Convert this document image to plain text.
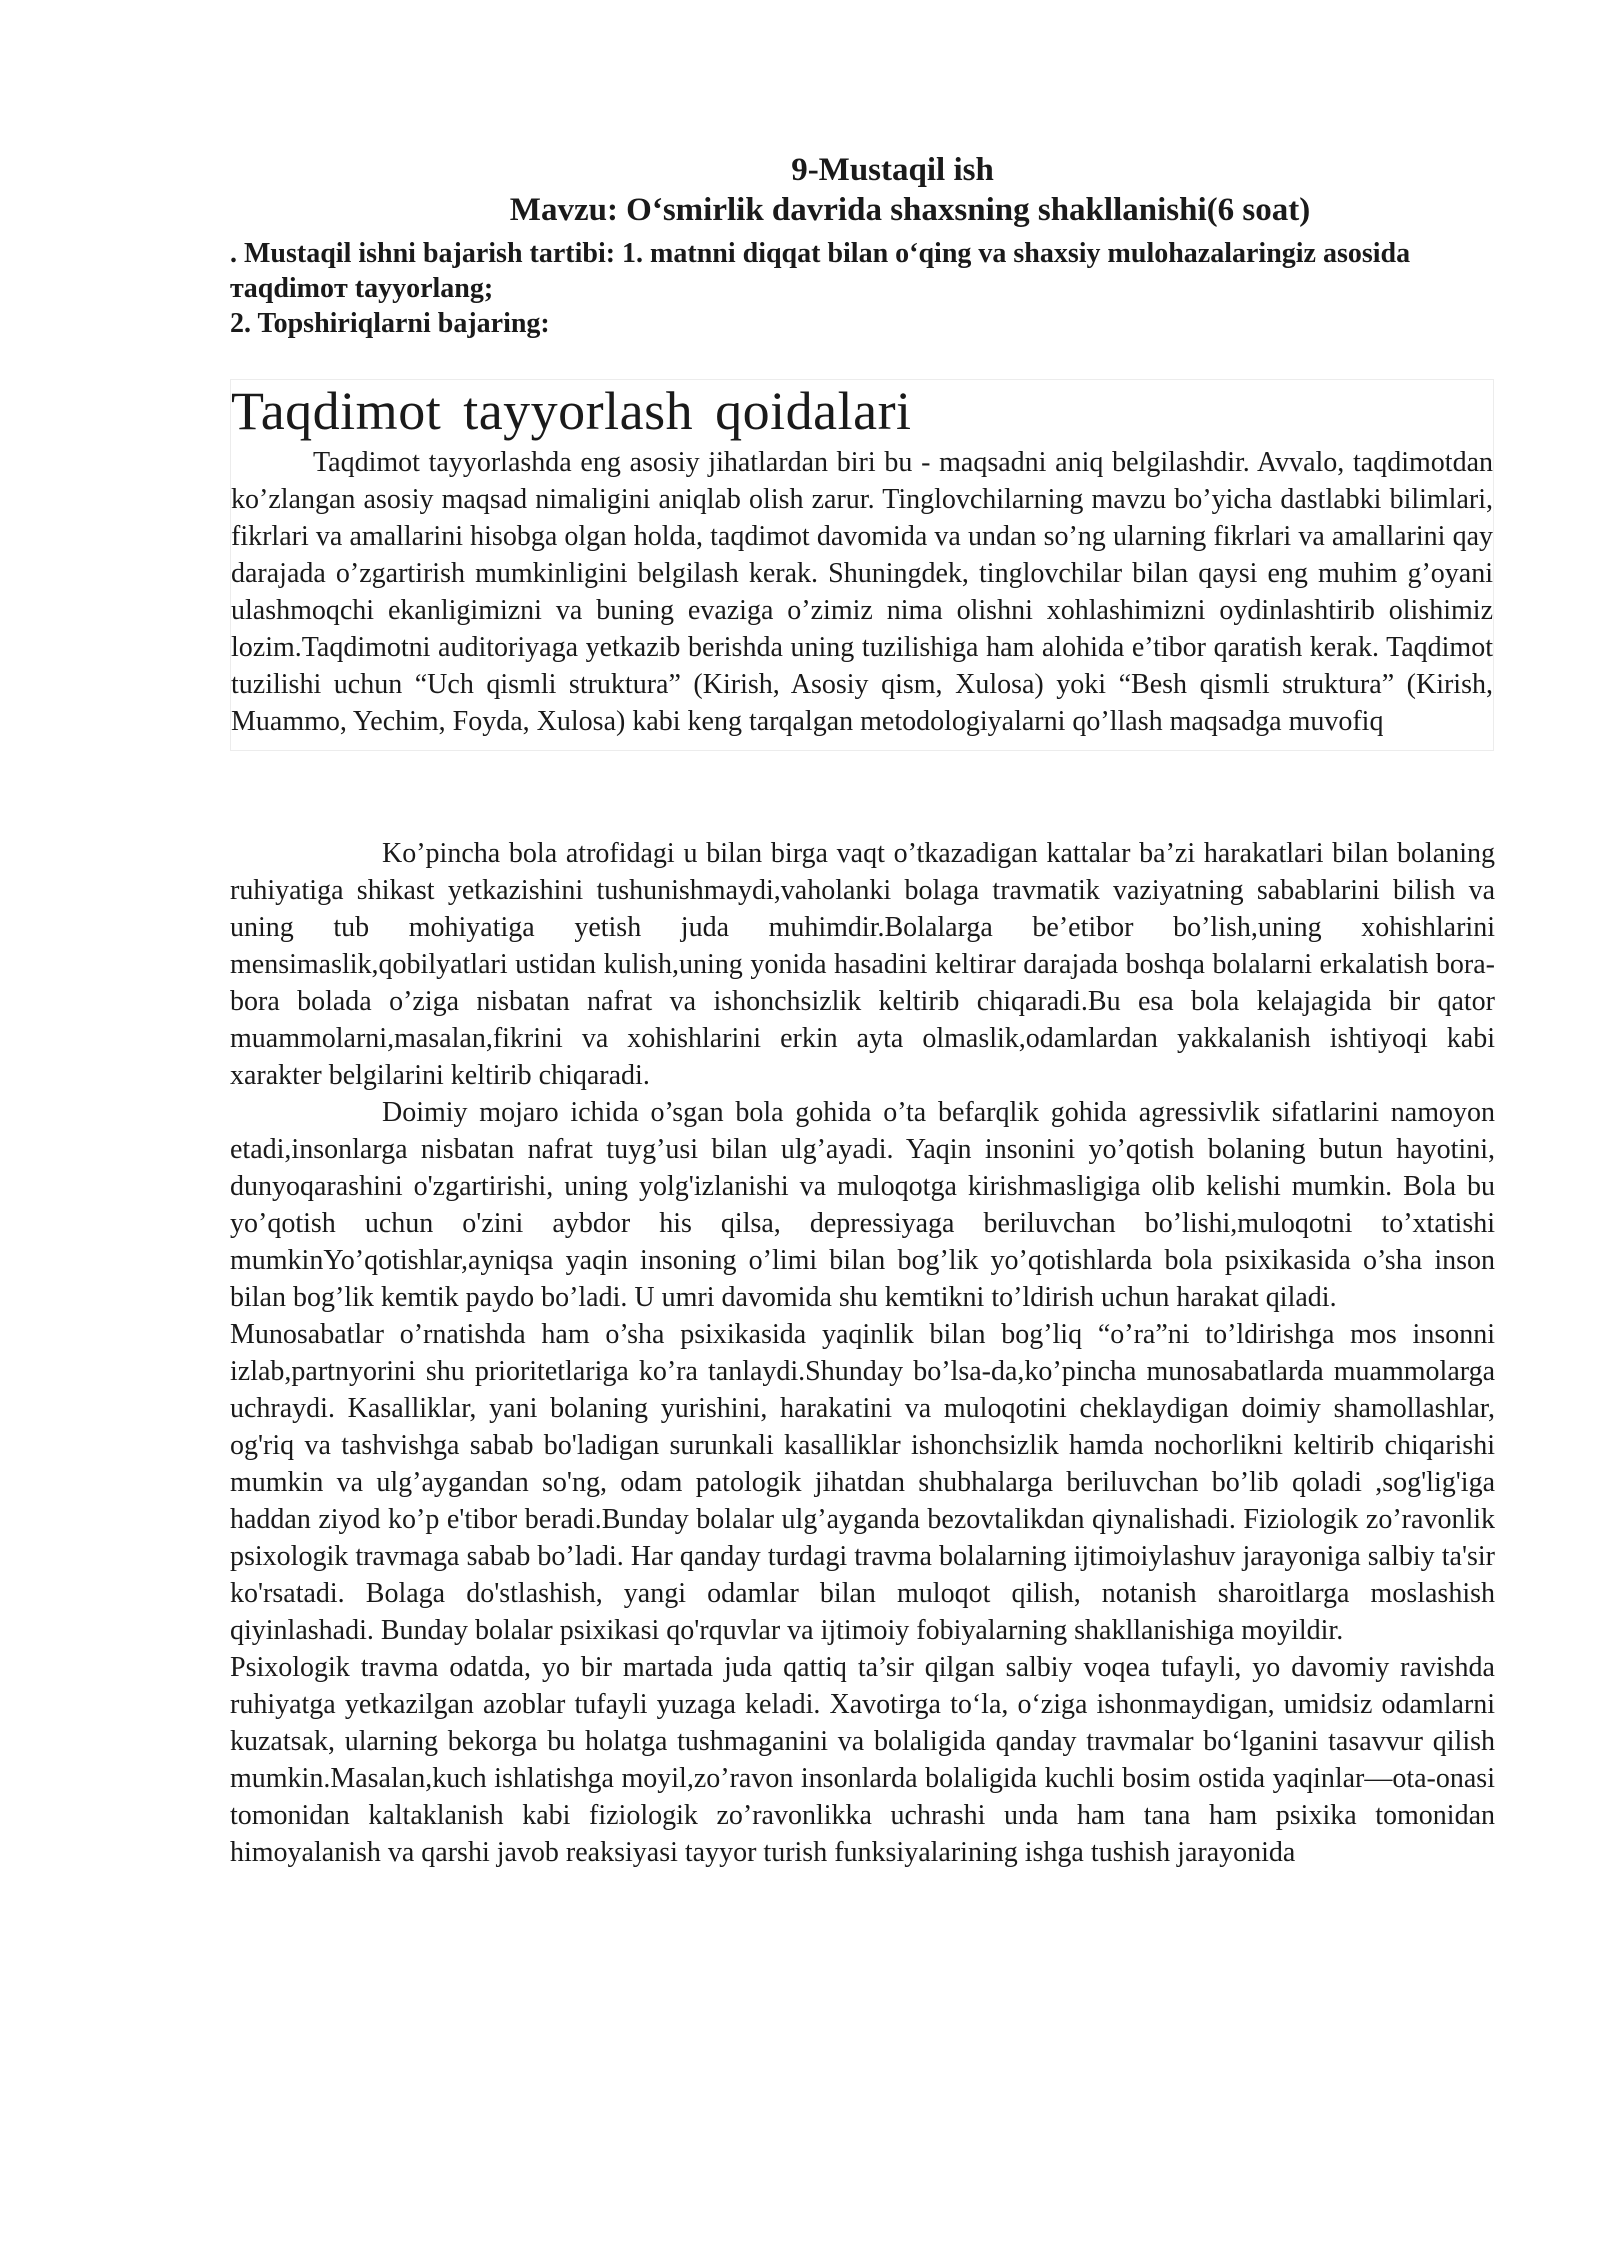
9-Mustaqil ish

Mavzu: O‘smirlik davrida shaxsning shakllanishi(6 soat)

. Mustaqil ishni bajarish tartibi: 1. matnni diqqat bilan o‘qing va shaxsiy mulohazalaringiz asosida тaqdimoт tayyorlang;

2. Topshiriqlarni bajaring:

Taqdimot tayyorlash qoidalari

Taqdimot tayyorlashda eng asosiy jihatlardan biri bu - maqsadni aniq belgilashdir. Avvalo, taqdimotdan ko’zlangan asosiy maqsad nimaligini aniqlab olish zarur. Tinglovchilarning mavzu bo’yicha dastlabki bilimlari, fikrlari va amallarini hisobga olgan holda, taqdimot davomida va undan so’ng ularning fikrlari va amallarini qay darajada o’zgartirish mumkinligini belgilash kerak. Shuningdek, tinglovchilar bilan qaysi eng muhim g’oyani ulashmoqchi ekanligimizni va buning evaziga o’zimiz nima olishni xohlashimizni oydinlashtirib olishimiz lozim.Taqdimotni auditoriyaga yetkazib berishda uning tuzilishiga ham alohida e’tibor qaratish kerak. Taqdimot tuzilishi uchun “Uch qismli struktura” (Kirish, Asosiy qism, Xulosa) yoki “Besh qismli struktura” (Kirish, Muammo, Yechim, Foyda, Xulosa) kabi keng tarqalgan metodologiyalarni qo’llash maqsadga muvofiq

Ko’pincha bola atrofidagi u bilan birga vaqt o’tkazadigan kattalar ba’zi harakatlari bilan bolaning ruhiyatiga shikast yetkazishini tushunishmaydi,vaholanki bolaga travmatik vaziyatning sabablarini bilish va uning tub mohiyatiga yetish juda muhimdir.Bolalarga be’etibor bo’lish,uning xohishlarini mensimaslik,qobilyatlari ustidan kulish,uning yonida hasadini keltirar darajada boshqa bolalarni erkalatish bora-bora bolada o’ziga nisbatan nafrat va ishonchsizlik keltirib chiqaradi.Bu esa bola kelajagida bir qator muammolarni,masalan,fikrini va xohishlarini erkin ayta olmaslik,odamlardan yakkalanish ishtiyoqi kabi xarakter belgilarini keltirib chiqaradi.

Doimiy mojaro ichida o’sgan bola gohida o’ta befarqlik gohida agressivlik sifatlarini namoyon etadi,insonlarga nisbatan nafrat tuyg’usi bilan ulg’ayadi. Yaqin insonini yo’qotish bolaning butun hayotini, dunyoqarashini o'zgartirishi, uning yolg'izlanishi va muloqotga kirishmasligiga olib kelishi mumkin. Bola bu yo’qotish uchun o'zini aybdor his qilsa, depressiyaga beriluvchan bo’lishi,muloqotni to’xtatishi mumkinYo’qotishlar,ayniqsa yaqin insoning o’limi bilan bog’lik yo’qotishlarda bola psixikasida o’sha inson bilan bog’lik kemtik paydo bo’ladi. U umri davomida shu kemtikni to’ldirish uchun harakat qiladi.

Munosabatlar o’rnatishda ham o’sha psixikasida yaqinlik bilan bog’liq “o’ra”ni to’ldirishga mos insonni izlab,partnyorini shu prioritetlariga ko’ra tanlaydi.Shunday bo’lsa-da,ko’pincha munosabatlarda muammolarga uchraydi. Kasalliklar, yani bolaning yurishini, harakatini va muloqotini cheklaydigan doimiy shamollashlar, og'riq va tashvishga sabab bo'ladigan surunkali kasalliklar ishonchsizlik hamda nochorlikni keltirib chiqarishi mumkin va ulg’aygandan so'ng, odam patologik jihatdan shubhalarga beriluvchan bo’lib qoladi ,sog'lig'iga haddan ziyod ko’p e'tibor beradi.Bunday bolalar ulg’ayganda bezovtalikdan qiynalishadi. Fiziologik zo’ravonlik psixologik travmaga sabab bo’ladi. Har qanday turdagi travma bolalarning ijtimoiylashuv jarayoniga salbiy ta'sir ko'rsatadi. Bolaga do'stlashish, yangi odamlar bilan muloqot qilish, notanish sharoitlarga moslashish qiyinlashadi. Bunday bolalar psixikasi qo'rquvlar va ijtimoiy fobiyalarning shakllanishiga moyildir.

Psixologik travma odatda, yo bir martada juda qattiq ta’sir qilgan salbiy voqea tufayli, yo davomiy ravishda ruhiyatga yetkazilgan azoblar tufayli yuzaga keladi. Xavotirga to‘la, o‘ziga ishonmaydigan, umidsiz odamlarni kuzatsak, ularning bekorga bu holatga tushmaganini va bolaligida qanday travmalar bo‘lganini tasavvur qilish mumkin.Masalan,kuch ishlatishga moyil,zo’ravon insonlarda bolaligida kuchli bosim ostida yaqinlar—ota-onasi tomonidan kaltaklanish kabi fiziologik zo’ravonlikka uchrashi unda ham tana ham psixika tomonidan himoyalanish va qarshi javob reaksiyasi tayyor turish funksiyalarining ishga tushish jarayonida
